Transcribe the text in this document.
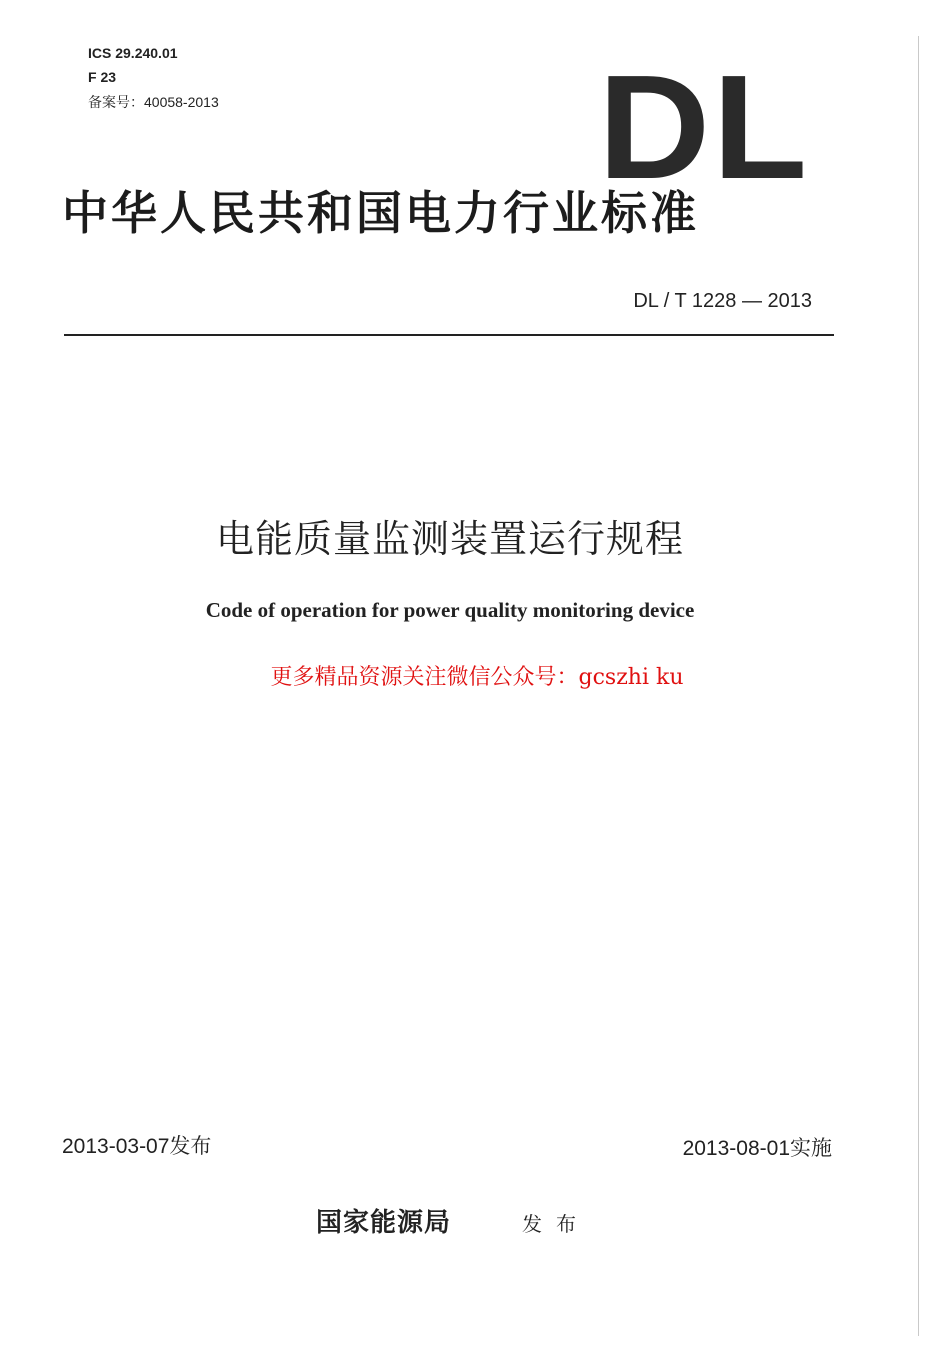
ICS 29.240.01
F 23
备案号：40058-2013	DL
中华人民共和国电力行业标准
DL / T 1228 — 2013
电能质量监测装置运行规程
Code of operation for power quality monitoring device
更多精品资源关注微信公众号：gcszhi ku
2013-03-07发布	2013-08-01实施
国家能源局	发布
